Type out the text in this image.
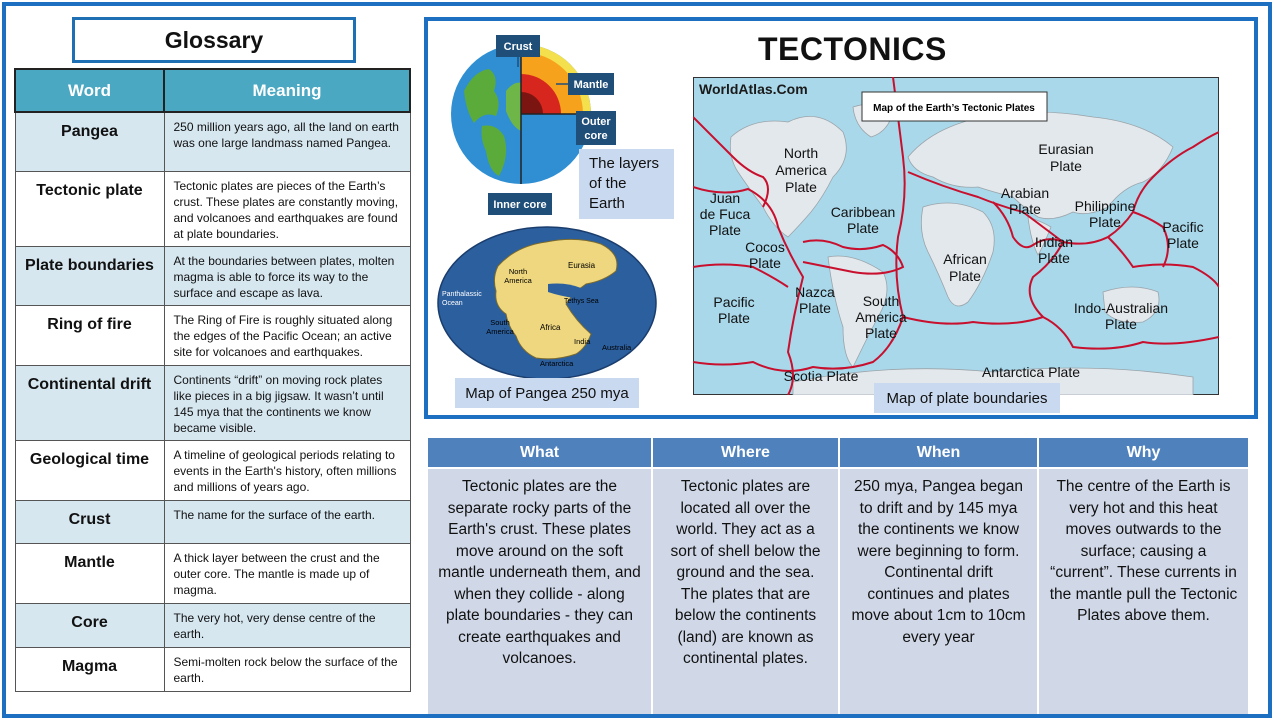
Glossary
Word	Meaning
Pangea	250 million years ago, all the land on earth was one large landmass named Pangea.
Tectonic plate	Tectonic plates are pieces of the Earth’s crust. These plates are constantly moving, and volcanoes and earthquakes are found at plate boundaries.
Plate boundaries	At the boundaries between plates, molten magma is able to force its way to the surface and escape as lava.
Ring of fire	The Ring of Fire is roughly situated along the edges of the Pacific Ocean; an active site for volcanoes and earthquakes.
Continental drift	Continents “drift” on moving rock plates like pieces in a big jigsaw. It wasn’t until 145 mya that the continents we know became visible.
Geological time	A timeline of geological periods relating to events in the Earth's history, often millions and millions of years ago.
Crust	The name for the surface of the earth.
Mantle	A thick layer between the crust and the outer core. The mantle is made up of magma.
Core	The very hot, very dense centre of the earth.
Magma	Semi-molten rock below the surface of the earth.
TECTONICS
Crust
Mantle
Outer
core
Inner core
The layers of the Earth
Eurasia
North
America
Panthalassic
Ocean	Tethys Sea
South
America	Africa
India
Australia
Antarctica
Map of Pangea 250 mya
WorldAtlas.Com
Map of the Earth’s Tectonic Plates
North
America
Plate
Eurasian
Plate
Juan
de Fuca
Plate
Caribbean
Plate
Arabian
Plate Philippine
Plate	Pacific
Plate
Cocos
Plate	African
Plate
Indian
Plate
Pacific
Plate
Nazca
Plate South
America
Plate
Indo-Australian
Plate
Scotia Plate	Antarctica Plate
Map of plate boundaries
What	Where	When	Why
Tectonic plates are the separate rocky parts of the Earth's crust. These plates move around on the soft mantle underneath them, and when they collide - along plate boundaries - they can create earthquakes and volcanoes.	Tectonic plates are located all over the world. They act as a sort of shell below the ground and the sea. The plates that are below the continents (land) are known as continental plates.	250 mya, Pangea began to drift and by 145 mya the continents we know were beginning to form. Continental drift continues and plates move about 1cm to 10cm every year	The centre of the Earth is very hot and this heat moves outwards to the surface; causing a “current”. These currents in the mantle pull the Tectonic Plates above them.
